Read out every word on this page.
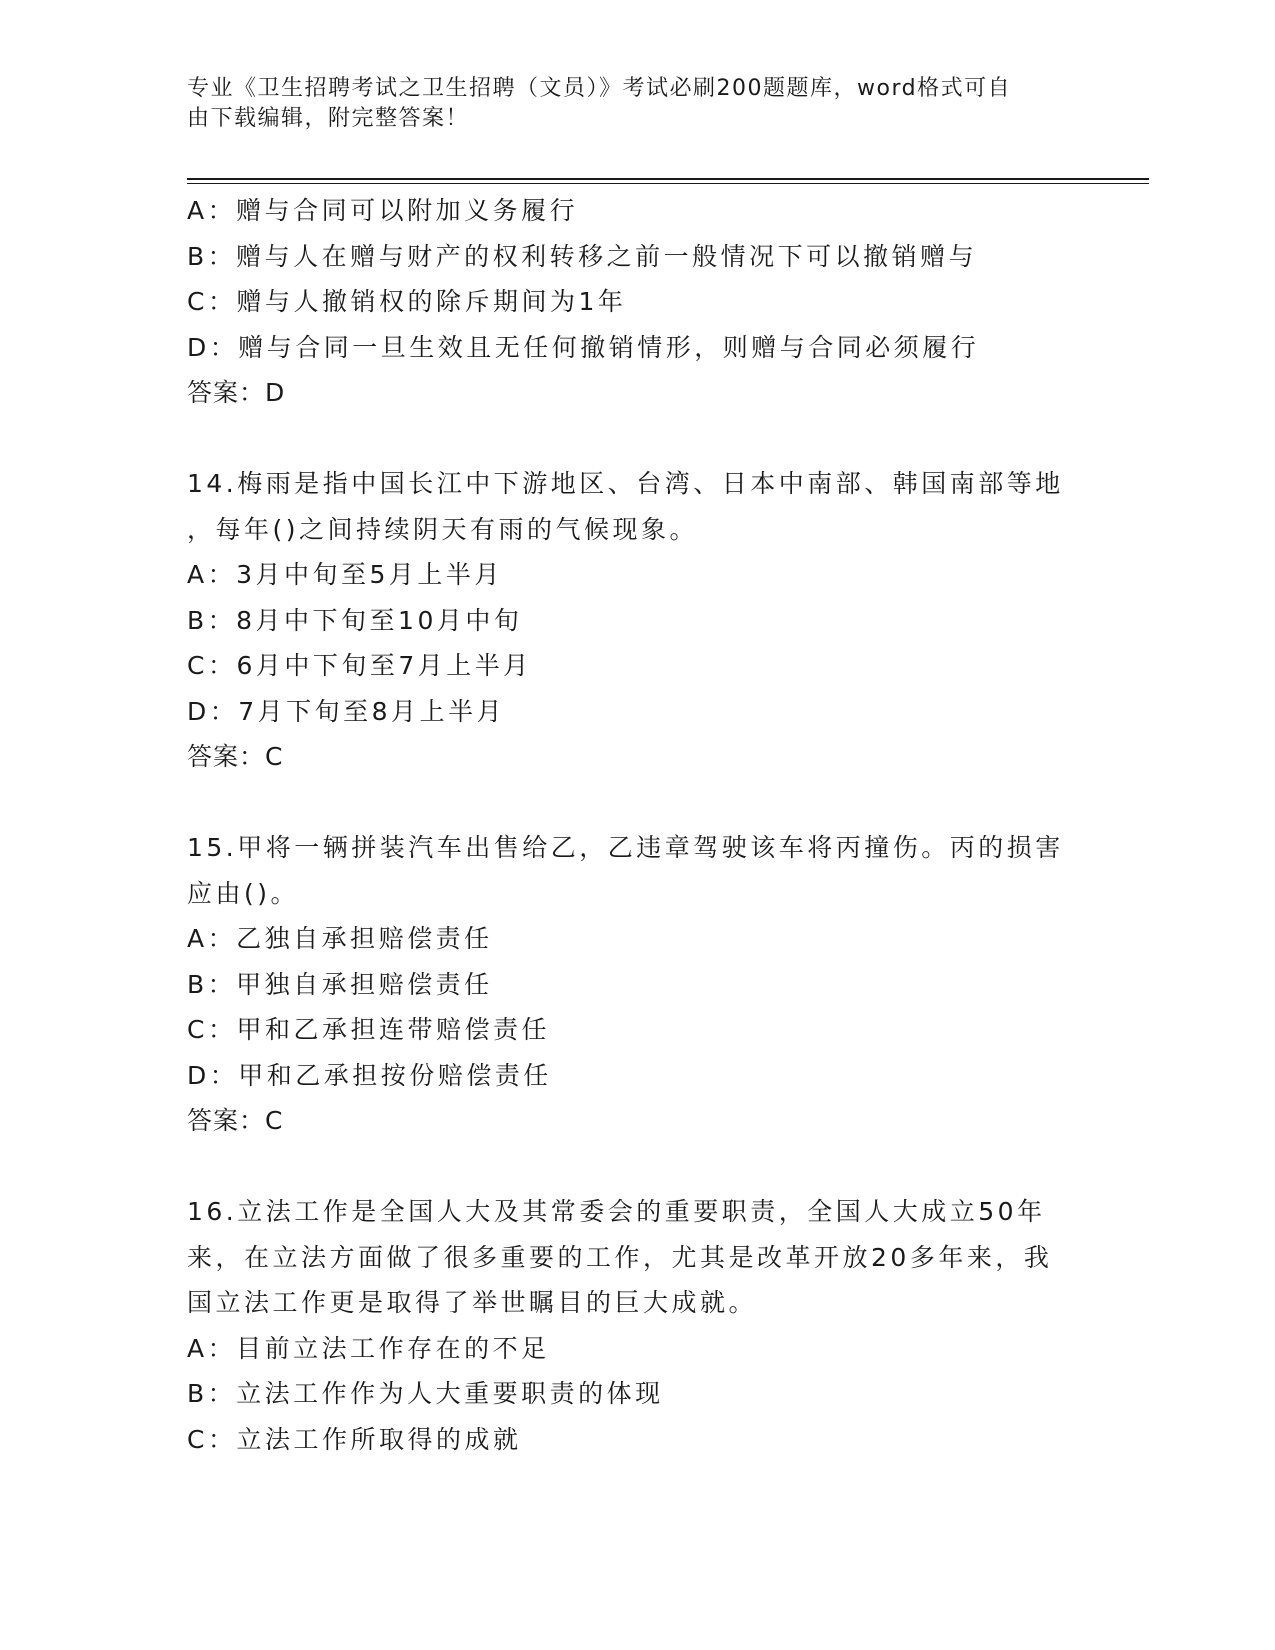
专业《卫生招聘考试之卫生招聘（文员）》考试必刷200题题库，word格式可自
由下载编辑，附完整答案！
A：赠与合同可以附加义务履行
B：赠与人在赠与财产的权利转移之前一般情况下可以撤销赠与
C：赠与人撤销权的除斥期间为1年
D：赠与合同一旦生效且无任何撤销情形，则赠与合同必须履行
答案：D
14.梅雨是指中国长江中下游地区、台湾、日本中南部、韩国南部等地
，每年()之间持续阴天有雨的气候现象。
A：3月中旬至5月上半月
B：8月中下旬至10月中旬
C：6月中下旬至7月上半月
D：7月下旬至8月上半月
答案：C
15.甲将一辆拼装汽车出售给乙，乙违章驾驶该车将丙撞伤。丙的损害
应由()。
A：乙独自承担赔偿责任
B：甲独自承担赔偿责任
C：甲和乙承担连带赔偿责任
D：甲和乙承担按份赔偿责任
答案：C
16.立法工作是全国人大及其常委会的重要职责，全国人大成立50年
来，在立法方面做了很多重要的工作，尤其是改革开放20多年来，我
国立法工作更是取得了举世瞩目的巨大成就。
A：目前立法工作存在的不足
B：立法工作作为人大重要职责的体现
C：立法工作所取得的成就
